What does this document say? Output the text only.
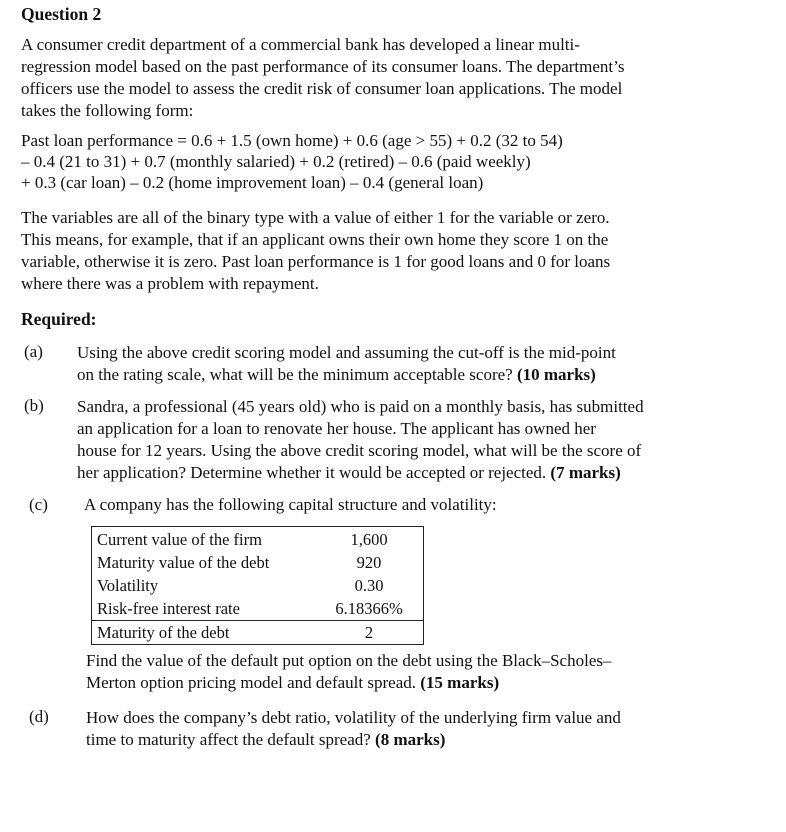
Question 2
A consumer credit department of a commercial bank has developed a linear multi-
regression model based on the past performance of its consumer loans. The department’s
officers use the model to assess the credit risk of consumer loan applications. The model
takes the following form:
Past loan performance = 0.6 + 1.5 (own home) + 0.6 (age > 55) + 0.2 (32 to 54)
– 0.4 (21 to 31) + 0.7 (monthly salaried) + 0.2 (retired) – 0.6 (paid weekly)
+ 0.3 (car loan) – 0.2 (home improvement loan) – 0.4 (general loan)
The variables are all of the binary type with a value of either 1 for the variable or zero.
This means, for example, that if an applicant owns their own home they score 1 on the
variable, otherwise it is zero. Past loan performance is 1 for good loans and 0 for loans
where there was a problem with repayment.
Required:
(a) Using the above credit scoring model and assuming the cut-off is the mid-point
on the rating scale, what will be the minimum acceptable score? (10 marks)
(b) Sandra, a professional (45 years old) who is paid on a monthly basis, has submitted
an application for a loan to renovate her house. The applicant has owned her
house for 12 years. Using the above credit scoring model, what will be the score of
her application? Determine whether it would be accepted or rejected. (7 marks)
(c) A company has the following capital structure and volatility:
Current value of the firm	1,600
Maturity value of the debt	920
Volatility	0.30
Risk-free interest rate	6.18366%
Maturity of the debt	2
Find the value of the default put option on the debt using the Black–Scholes–
Merton option pricing model and default spread. (15 marks)
(d) How does the company’s debt ratio, volatility of the underlying firm value and
time to maturity affect the default spread? (8 marks)
